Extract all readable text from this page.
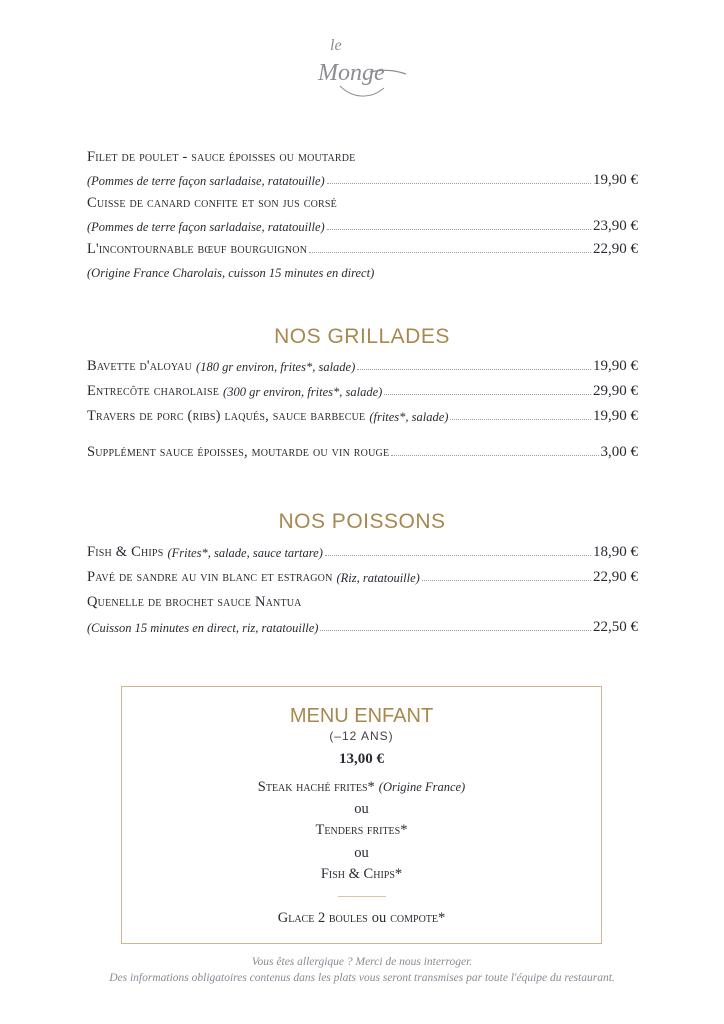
le
Monge
Filet de poulet - sauce époisses ou moutarde
(Pommes de terre façon sarladaise, ratatouille)	19,90 €
Cuisse de canard confite et son jus corsé
(Pommes de terre façon sarladaise, ratatouille)	23,90 €
L'incontournable bœuf bourguignon	22,90 €
(Origine France Charolais, cuisson 15 minutes en direct)
NOS GRILLADES
Bavette d'aloyau
(180 gr environ, frites*, salade)	19,90 €
Entrecôte charolaise
(300 gr environ, frites*, salade)	29,90 €
Travers de porc (ribs) laqués, sauce barbecue
(frites*, salade)	19,90 €
Supplément sauce époisses, moutarde ou vin rouge	3,00 €
NOS POISSONS
Fish & Chips
(Frites*, salade, sauce tartare)	18,90 €
Pavé de sandre au vin blanc et estragon
(Riz, ratatouille)	22,90 €
Quenelle de brochet sauce Nantua
(Cuisson 15 minutes en direct, riz, ratatouille)	22,50 €
MENU ENFANT
(–12 ANS)
13,00 €
Steak haché frites* (Origine France)
ou
Tenders frites*
ou
Fish & Chips*
Glace 2 boules ou compote*
Vous êtes allergique ? Merci de nous interroger.
Des informations obligatoires contenus dans les plats vous seront transmises par toute l'équipe du restaurant.
